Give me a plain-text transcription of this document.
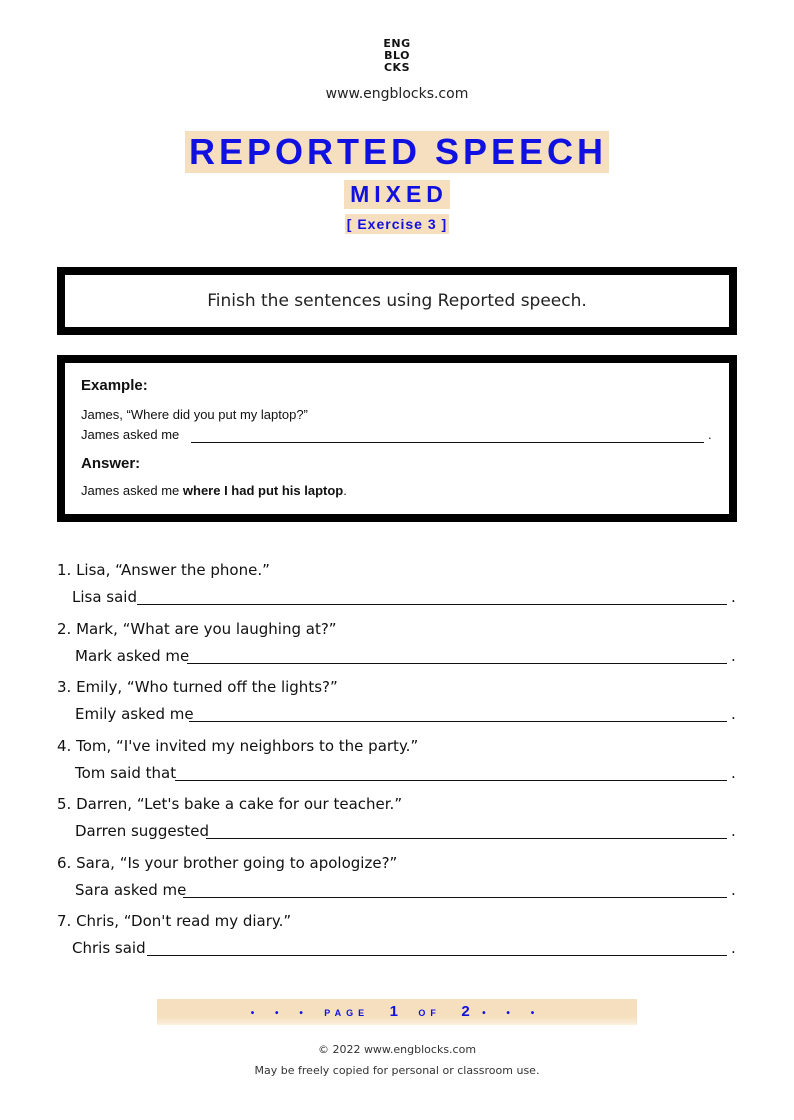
ENG
BLO
CKS
www.engblocks.com
REPORTED SPEECH
MIXED
[ Exercise 3 ]
Finish the sentences using Reported speech.
Example:
James, “Where did you put my laptop?”
James asked me	.
Answer:
James asked me where I had put his laptop.
1. Lisa, “Answer the phone.”
Lisa said	.
2. Mark, “What are you laughing at?”
Mark asked me	.
3. Emily, “Who turned off the lights?”
Emily asked me	.
4. Tom, “I've invited my neighbors to the party.”
Tom said that	.
5. Darren, “Let's bake a cake for our teacher.”
Darren suggested	.
6. Sara, “Is your brother going to apologize?”
Sara asked me	.
7. Chris, “Don't read my diary.”
Chris said	.
• • • PAGE 1 OF 2 • • •
© 2022 www.engblocks.com
May be freely copied for personal or classroom use.
